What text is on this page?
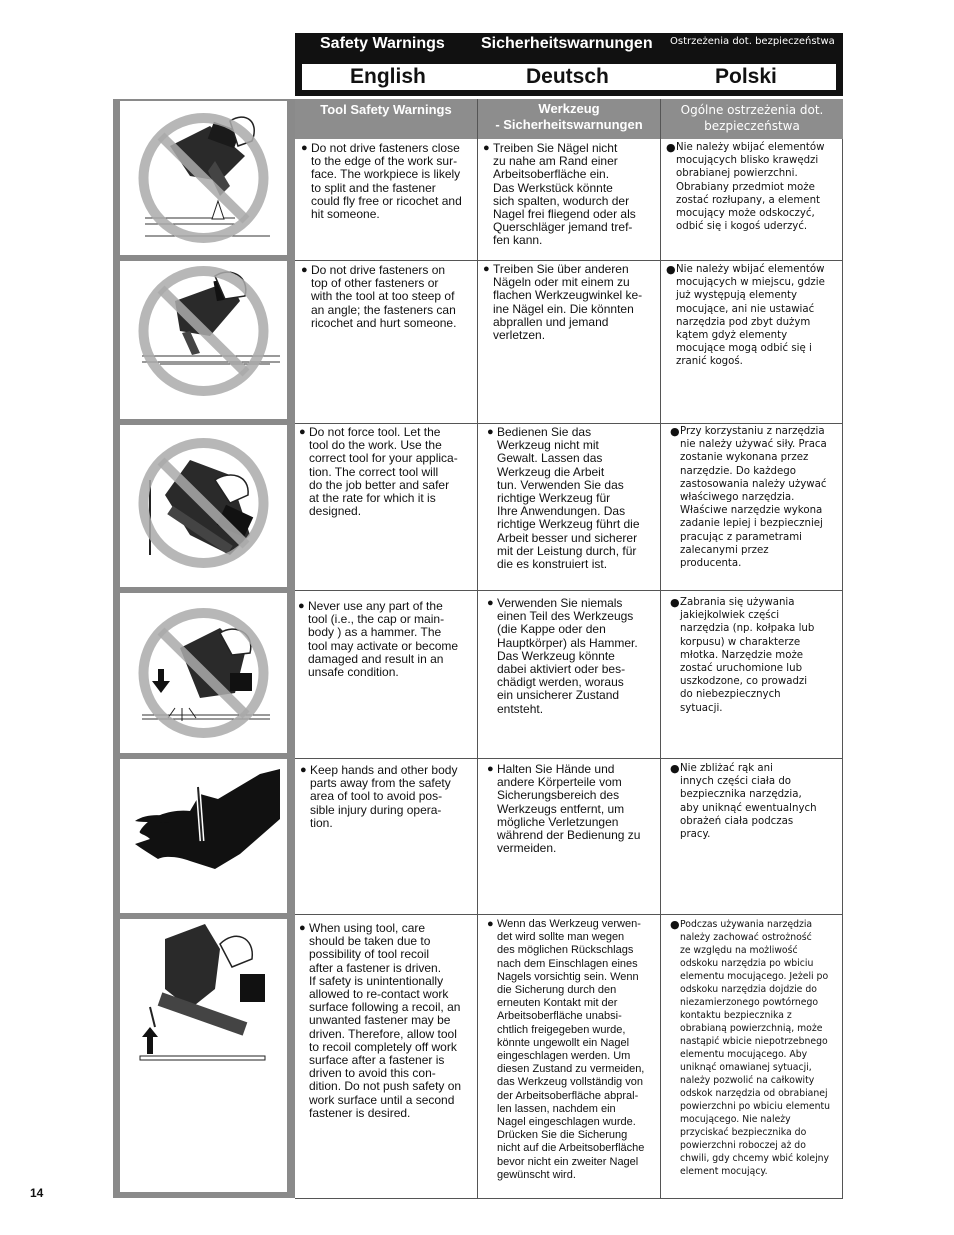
Safety Warnings Sicherheitswarnungen Ostrzeżenia dot. bezpieczeństwa
English	Deutsch	Polski
Tool Safety Warnings	Werkzeug
- Sicherheitswarnungen
Ogólne ostrzeżenia dot.
bezpieczeństwa
● Do not drive fasteners close
to the edge of the work sur-
face. The workpiece is likely
to split and the fastener
could fly free or ricochet and
hit someone.
● Treiben Sie Nägel nicht
zu nahe am Rand einer
Arbeitsoberfläche ein.
Das Werkstück könnte
sich spalten, wodurch der
Nagel frei fliegend oder als
Querschläger jemand tref-
fen kann.
● Nie należy wbijać elementów
mocujących blisko krawędzi
obrabianej powierzchni.
Obrabiany przedmiot może
zostać rozłupany, a element
mocujący może odskoczyć,
odbić się i kogoś uderzyć.
● Do not drive fasteners on
top of other fasteners or
with the tool at too steep of
an angle; the fasteners can
ricochet and hurt someone.
● Treiben Sie über anderen
Nägeln oder mit einem zu
flachen Werkzeugwinkel ke-
ine Nägel ein. Die könnten
abprallen und jemand
verletzen.
● Nie należy wbijać elementów
mocujących w miejscu, gdzie
już występują elementy
mocujące, ani nie ustawiać
narzędzia pod zbyt dużym
kątem gdyż elementy
mocujące mogą odbić się i
zranić kogoś.
● Do not force tool. Let the
tool do the work. Use the
correct tool for your applica-
tion. The correct tool will
do the job better and safer
at the rate for which it is
designed.
● Bedienen Sie das
Werkzeug nicht mit
Gewalt. Lassen das
Werkzeug die Arbeit
tun. Verwenden Sie das
richtige Werkzeug für
Ihre Anwendungen. Das
richtige Werkzeug führt die
Arbeit besser und sicherer
mit der Leistung durch, für
die es konstruiert ist.
● Przy korzystaniu z narzędzia
nie należy używać siły. Praca
zostanie wykonana przez
narzędzie. Do każdego
zastosowania należy używać
właściwego narzędzia.
Właściwe narzędzie wykona
zadanie lepiej i bezpieczniej
pracując z parametrami
zalecanymi przez
producenta.
● Never use any part of the
tool (i.e., the cap or main-
body ) as a hammer. The
tool may activate or become
damaged and result in an
unsafe condition.
● Verwenden Sie niemals
einen Teil des Werkzeugs
(die Kappe oder den
Hauptkörper) als Hammer.
Das Werkzeug könnte
dabei aktiviert oder bes-
chädigt werden, woraus
ein unsicherer Zustand
entsteht.
● Zabrania się używania
jakiejkolwiek części
narzędzia (np. kołpaka lub
korpusu) w charakterze
młotka. Narzędzie może
zostać uruchomione lub
uszkodzone, co prowadzi
do niebezpiecznych
sytuacji.
● Keep hands and other body
parts away from the safety
area of tool to avoid pos-
sible injury during opera-
tion.
● Halten Sie Hände und
andere Körperteile vom
Sicherungsbereich des
Werkzeugs entfernt, um
mögliche Verletzungen
während der Bedienung zu
vermeiden.
● Nie zbliżać rąk ani
innych części ciała do
bezpiecznika narzędzia,
aby uniknąć ewentualnych
obrażeń ciała podczas
pracy.
● When using tool, care
should be taken due to
possibility of tool recoil
after a fastener is driven.
If safety is unintentionally
allowed to re-contact work
surface following a recoil, an
unwanted fastener may be
driven. Therefore, allow tool
to recoil completely off work
surface after a fastener is
driven to avoid this con-
dition. Do not push safety on
work surface until a second
fastener is desired.
● Wenn das Werkzeug verwen-
det wird sollte man wegen
des möglichen Rückschlags
nach dem Einschlagen eines
Nagels vorsichtig sein. Wenn
die Sicherung durch den
erneuten Kontakt mit der
Arbeitsoberfläche unabsi-
chtlich freigegeben wurde,
könnte ungewollt ein Nagel
eingeschlagen werden. Um
diesen Zustand zu vermeiden,
das Werkzeug vollständig von
der Arbeitsoberfläche abpral-
len lassen, nachdem ein
Nagel eingeschlagen wurde.
Drücken Sie die Sicherung
nicht auf die Arbeitsoberfläche
bevor nicht ein zweiter Nagel
gewünscht wird.
● Podczas używania narzędzia
należy zachować ostrożność
ze względu na możliwość
odskoku narzędzia po wbiciu
elementu mocującego. Jeżeli po
odskoku narzędzia dojdzie do
niezamierzonego powtórnego
kontaktu bezpiecznika z
obrabianą powierzchnią, może
nastąpić wbicie niepotrzebnego
elementu mocującego. Aby
uniknąć omawianej sytuacji,
należy pozwolić na całkowity
odskok narzędzia od obrabianej
powierzchni po wbiciu elementu
mocującego. Nie należy
przyciskać bezpiecznika do
powierzchni roboczej aż do
chwili, gdy chcemy wbić kolejny
element mocujący.
14
